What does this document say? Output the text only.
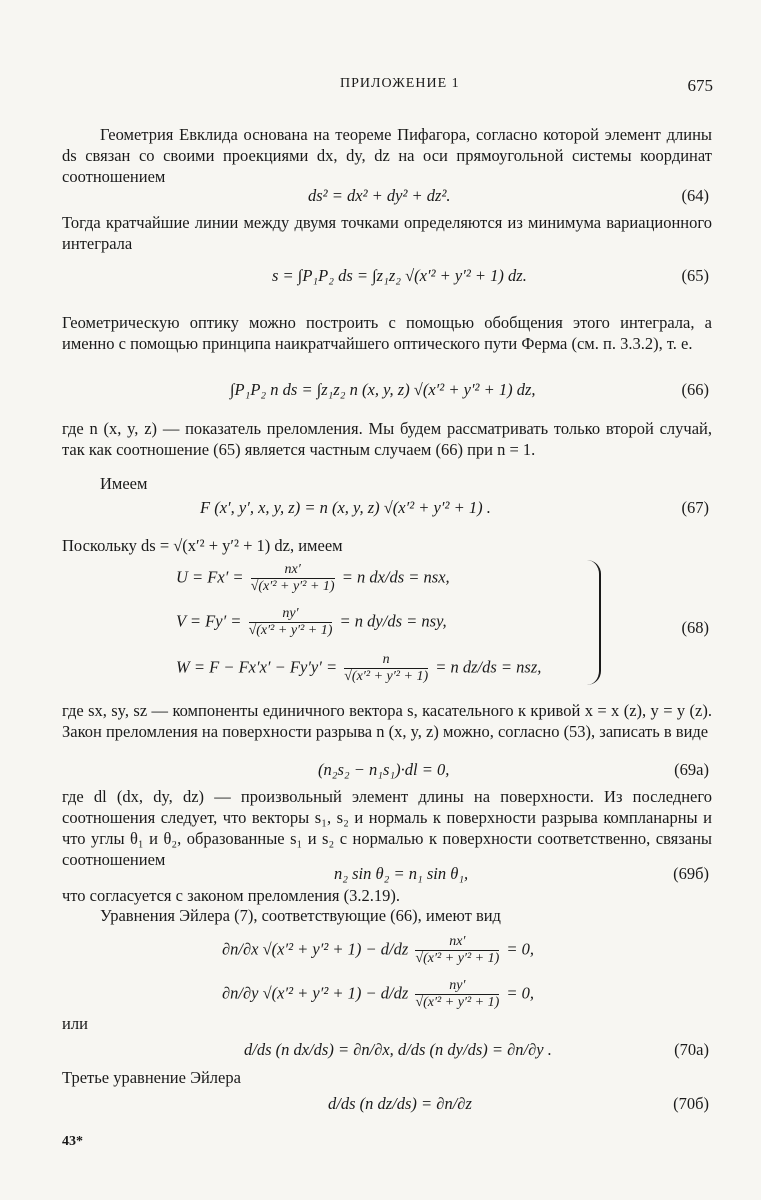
ПРИЛОЖЕНИЕ 1	675
Геометрия Евклида основана на теореме Пифагора, согласно которой элемент длины ds связан со своими проекциями dx, dy, dz на оси прямоугольной системы координат соотношением
ds² = dx² + dy² + dz².	(64)
Тогда кратчайшие линии между двумя точками определяются из минимума вариационного интеграла
s = ∫P₁P₂ ds = ∫z₁z₂ √(x′² + y′² + 1) dz.	(65)
Геометрическую оптику можно построить с помощью обобщения этого интеграла, а именно с помощью принципа наикратчайшего оптического пути Ферма (см. п. 3.3.2), т. е.
∫P₁P₂ n ds = ∫z₁z₂ n (x, y, z) √(x′² + y′² + 1) dz,	(66)
где n (x, y, z) — показатель преломления. Мы будем рассматривать только второй случай, так как соотношение (65) является частным случаем (66) при n = 1.
Имеем
F (x′, y′, x, y, z) = n (x, y, z) √(x′² + y′² + 1) .	(67)
Поскольку ds = √(x′² + y′² + 1) dz, имеем
$U = Fx' = \frac{nx'}{\text{√(x′² + y′² + 1)}} = n$ dx/ds = nsx,
$V = Fy' = \frac{ny'}{\text{√(x′² + y′² + 1)}} = n$ dy/ds = nsy,
$W = F - Fx'x' - Fy'y' = \frac{n}{\text{√(x′² + y′² + 1)}} = n$ dz/ds = nsz,
(68)
где sx, sy, sz — компоненты единичного вектора s, касательного к кривой x = x (z), y = y (z). Закон преломления на поверхности разрыва n (x, y, z) можно, согласно (53), записать в виде
(n₂s₂ − n₁s₁)·dl = 0,	(69а)
где dl (dx, dy, dz) — произвольный элемент длины на поверхности. Из последнего соотношения следует, что векторы s₁, s₂ и нормаль к поверхности разрыва компланарны и что углы θ₁ и θ₂, образованные s₁ и s₂ с нормалью к поверхности соответственно, связаны соотношением
n₂ sin θ₂ = n₁ sin θ₁,	(69б)
что согласуется с законом преломления (3.2.19).
Уравнения Эйлера (7), соответствующие (66), имеют вид
∂n/∂x $√(x'^2 + y'^2 + 1) - d/dz \frac{nx'}{\text{√(x′² + y′² + 1)}} = 0$,
∂n/∂y $√(x'^2 + y'^2 + 1) - d/dz \frac{ny'}{\text{√(x′² + y′² + 1)}} = 0$,
или
d/ds (n dx/ds) = ∂n/∂x, d/ds (n dy/ds) = ∂n/∂y .	(70а)
Третье уравнение Эйлера
d/ds (n dz/ds) = ∂n/∂z	(70б)
43*
